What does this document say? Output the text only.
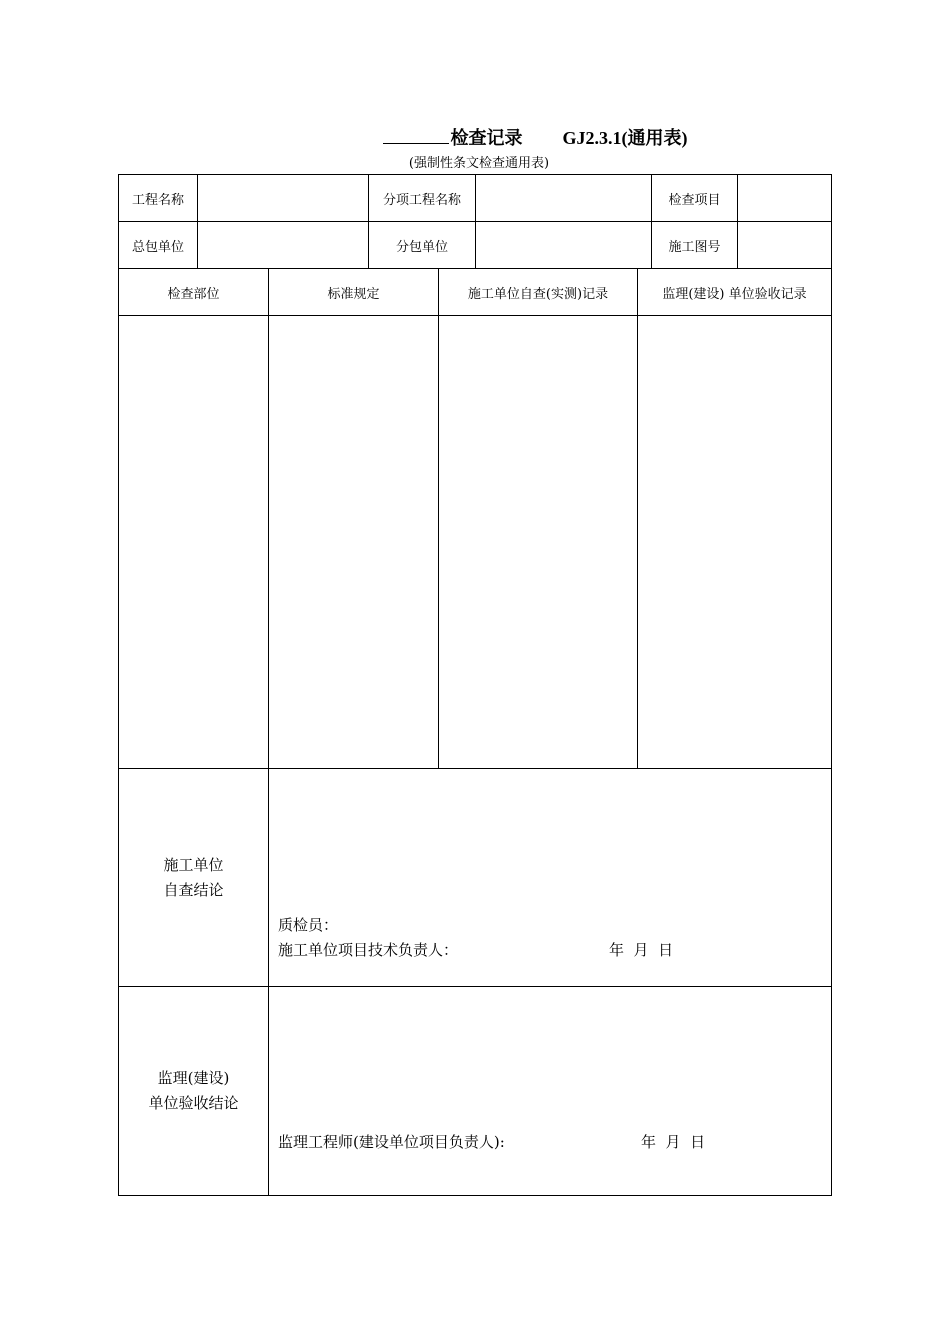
检查记录 GJ2.3.1(通用表)
(强制性条文检查通用表)
工程名称	分项工程名称	检查项目
总包单位	分包单位	施工图号
检查部位	标准规定	施工单位自查(实测)记录	监理(建设) 单位验收记录
施工单位
自查结论
质检员：
施工单位项目技术负责人：	年  月  日
监理(建设)
单位验收结论
监理工程师(建设单位项目负责人):	年  月  日
